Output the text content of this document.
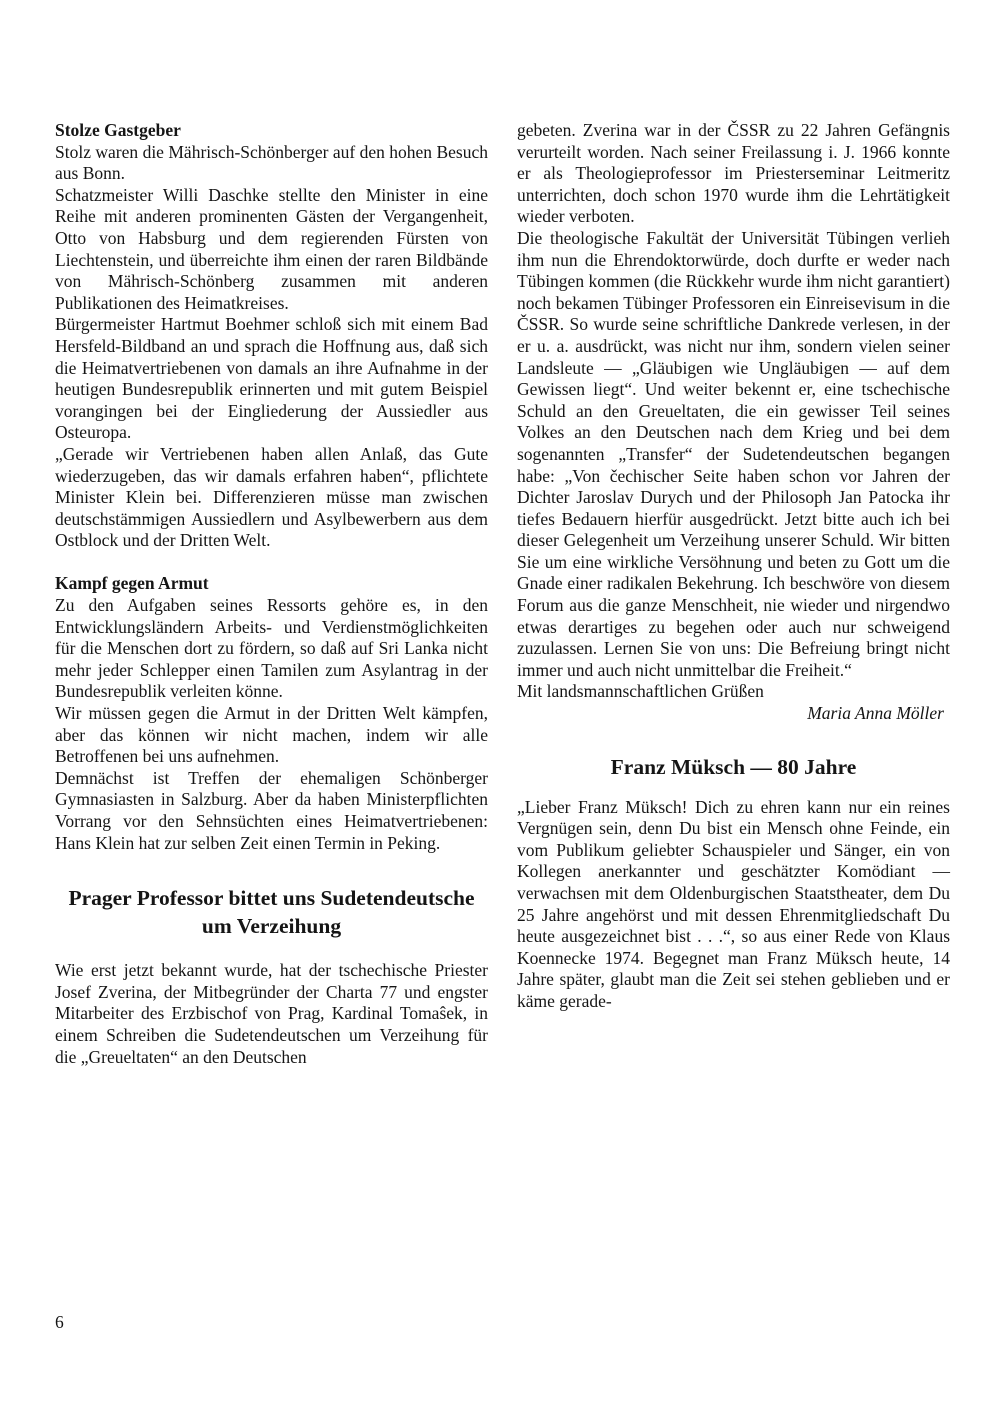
Stolze Gastgeber

Stolz waren die Mährisch-Schönberger auf den hohen Besuch aus Bonn.

Schatzmeister Willi Daschke stellte den Minister in eine Reihe mit anderen prominenten Gästen der Vergangenheit, Otto von Habsburg und dem regierenden Fürsten von Liechtenstein, und überreichte ihm einen der raren Bildbände von Mährisch-Schönberg zusammen mit anderen Publikationen des Heimatkreises.

Bürgermeister Hartmut Boehmer schloß sich mit einem Bad Hersfeld-Bildband an und sprach die Hoffnung aus, daß sich die Heimatvertriebenen von damals an ihre Aufnahme in der heutigen Bundesrepublik erinnerten und mit gutem Beispiel vorangingen bei der Eingliederung der Aussiedler aus Osteuropa.

„Gerade wir Vertriebenen haben allen Anlaß, das Gute wiederzugeben, das wir damals erfahren haben“, pflichtete Minister Klein bei. Differenzieren müsse man zwischen deutschstämmigen Aussiedlern und Asylbewerbern aus dem Ostblock und der Dritten Welt.

Kampf gegen Armut

Zu den Aufgaben seines Ressorts gehöre es, in den Entwicklungsländern Arbeits- und Verdienstmöglichkeiten für die Menschen dort zu fördern, so daß auf Sri Lanka nicht mehr jeder Schlepper einen Tamilen zum Asylantrag in der Bundesrepublik verleiten könne.

Wir müssen gegen die Armut in der Dritten Welt kämpfen, aber das können wir nicht machen, indem wir alle Betroffenen bei uns aufnehmen.

Demnächst ist Treffen der ehemaligen Schönberger Gymnasiasten in Salzburg. Aber da haben Ministerpflichten Vorrang vor den Sehnsüchten eines Heimatvertriebenen: Hans Klein hat zur selben Zeit einen Termin in Peking.

Prager Professor bittet uns Sudetendeutsche um Verzeihung

Wie erst jetzt bekannt wurde, hat der tschechische Priester Josef Zverina, der Mitbegründer der Charta 77 und engster Mitarbeiter des Erzbischof von Prag, Kardinal Tomaŝek, in einem Schreiben die Sudetendeutschen um Verzeihung für die „Greueltaten“ an den Deutschen

gebeten. Zverina war in der ČSSR zu 22 Jahren Gefängnis verurteilt worden. Nach seiner Freilassung i. J. 1966 konnte er als Theologieprofessor im Priesterseminar Leitmeritz unterrichten, doch schon 1970 wurde ihm die Lehrtätigkeit wieder verboten.

Die theologische Fakultät der Universität Tübingen verlieh ihm nun die Ehrendoktorwürde, doch durfte er weder nach Tübingen kommen (die Rückkehr wurde ihm nicht garantiert) noch bekamen Tübinger Professoren ein Einreisevisum in die ČSSR. So wurde seine schriftliche Dankrede verlesen, in der er u. a. ausdrückt, was nicht nur ihm, sondern vielen seiner Landsleute — „Gläubigen wie Ungläubigen — auf dem Gewissen liegt“. Und weiter bekennt er, eine tschechische Schuld an den Greueltaten, die ein gewisser Teil seines Volkes an den Deutschen nach dem Krieg und bei dem sogenannten „Transfer“ der Sudetendeutschen begangen habe: „Von čechischer Seite haben schon vor Jahren der Dichter Jaroslav Durych und der Philosoph Jan Patocka ihr tiefes Bedauern hierfür ausgedrückt. Jetzt bitte auch ich bei dieser Gelegenheit um Verzeihung unserer Schuld. Wir bitten Sie um eine wirkliche Versöhnung und beten zu Gott um die Gnade einer radikalen Bekehrung. Ich beschwöre von diesem Forum aus die ganze Menschheit, nie wieder und nirgendwo etwas derartiges zu begehen oder auch nur schweigend zuzulassen. Lernen Sie von uns: Die Befreiung bringt nicht immer und auch nicht unmittelbar die Freiheit.“

Mit landsmannschaftlichen Grüßen

Maria Anna Möller

Franz Müksch — 80 Jahre

„Lieber Franz Müksch! Dich zu ehren kann nur ein reines Vergnügen sein, denn Du bist ein Mensch ohne Feinde, ein vom Publikum geliebter Schauspieler und Sänger, ein von Kollegen anerkannter und geschätzter Komödiant — verwachsen mit dem Oldenburgischen Staatstheater, dem Du 25 Jahre angehörst und mit dessen Ehrenmitgliedschaft Du heute ausgezeichnet bist . . .“, so aus einer Rede von Klaus Koennecke 1974. Begegnet man Franz Müksch heute, 14 Jahre später, glaubt man die Zeit sei stehen geblieben und er käme gerade-

6
